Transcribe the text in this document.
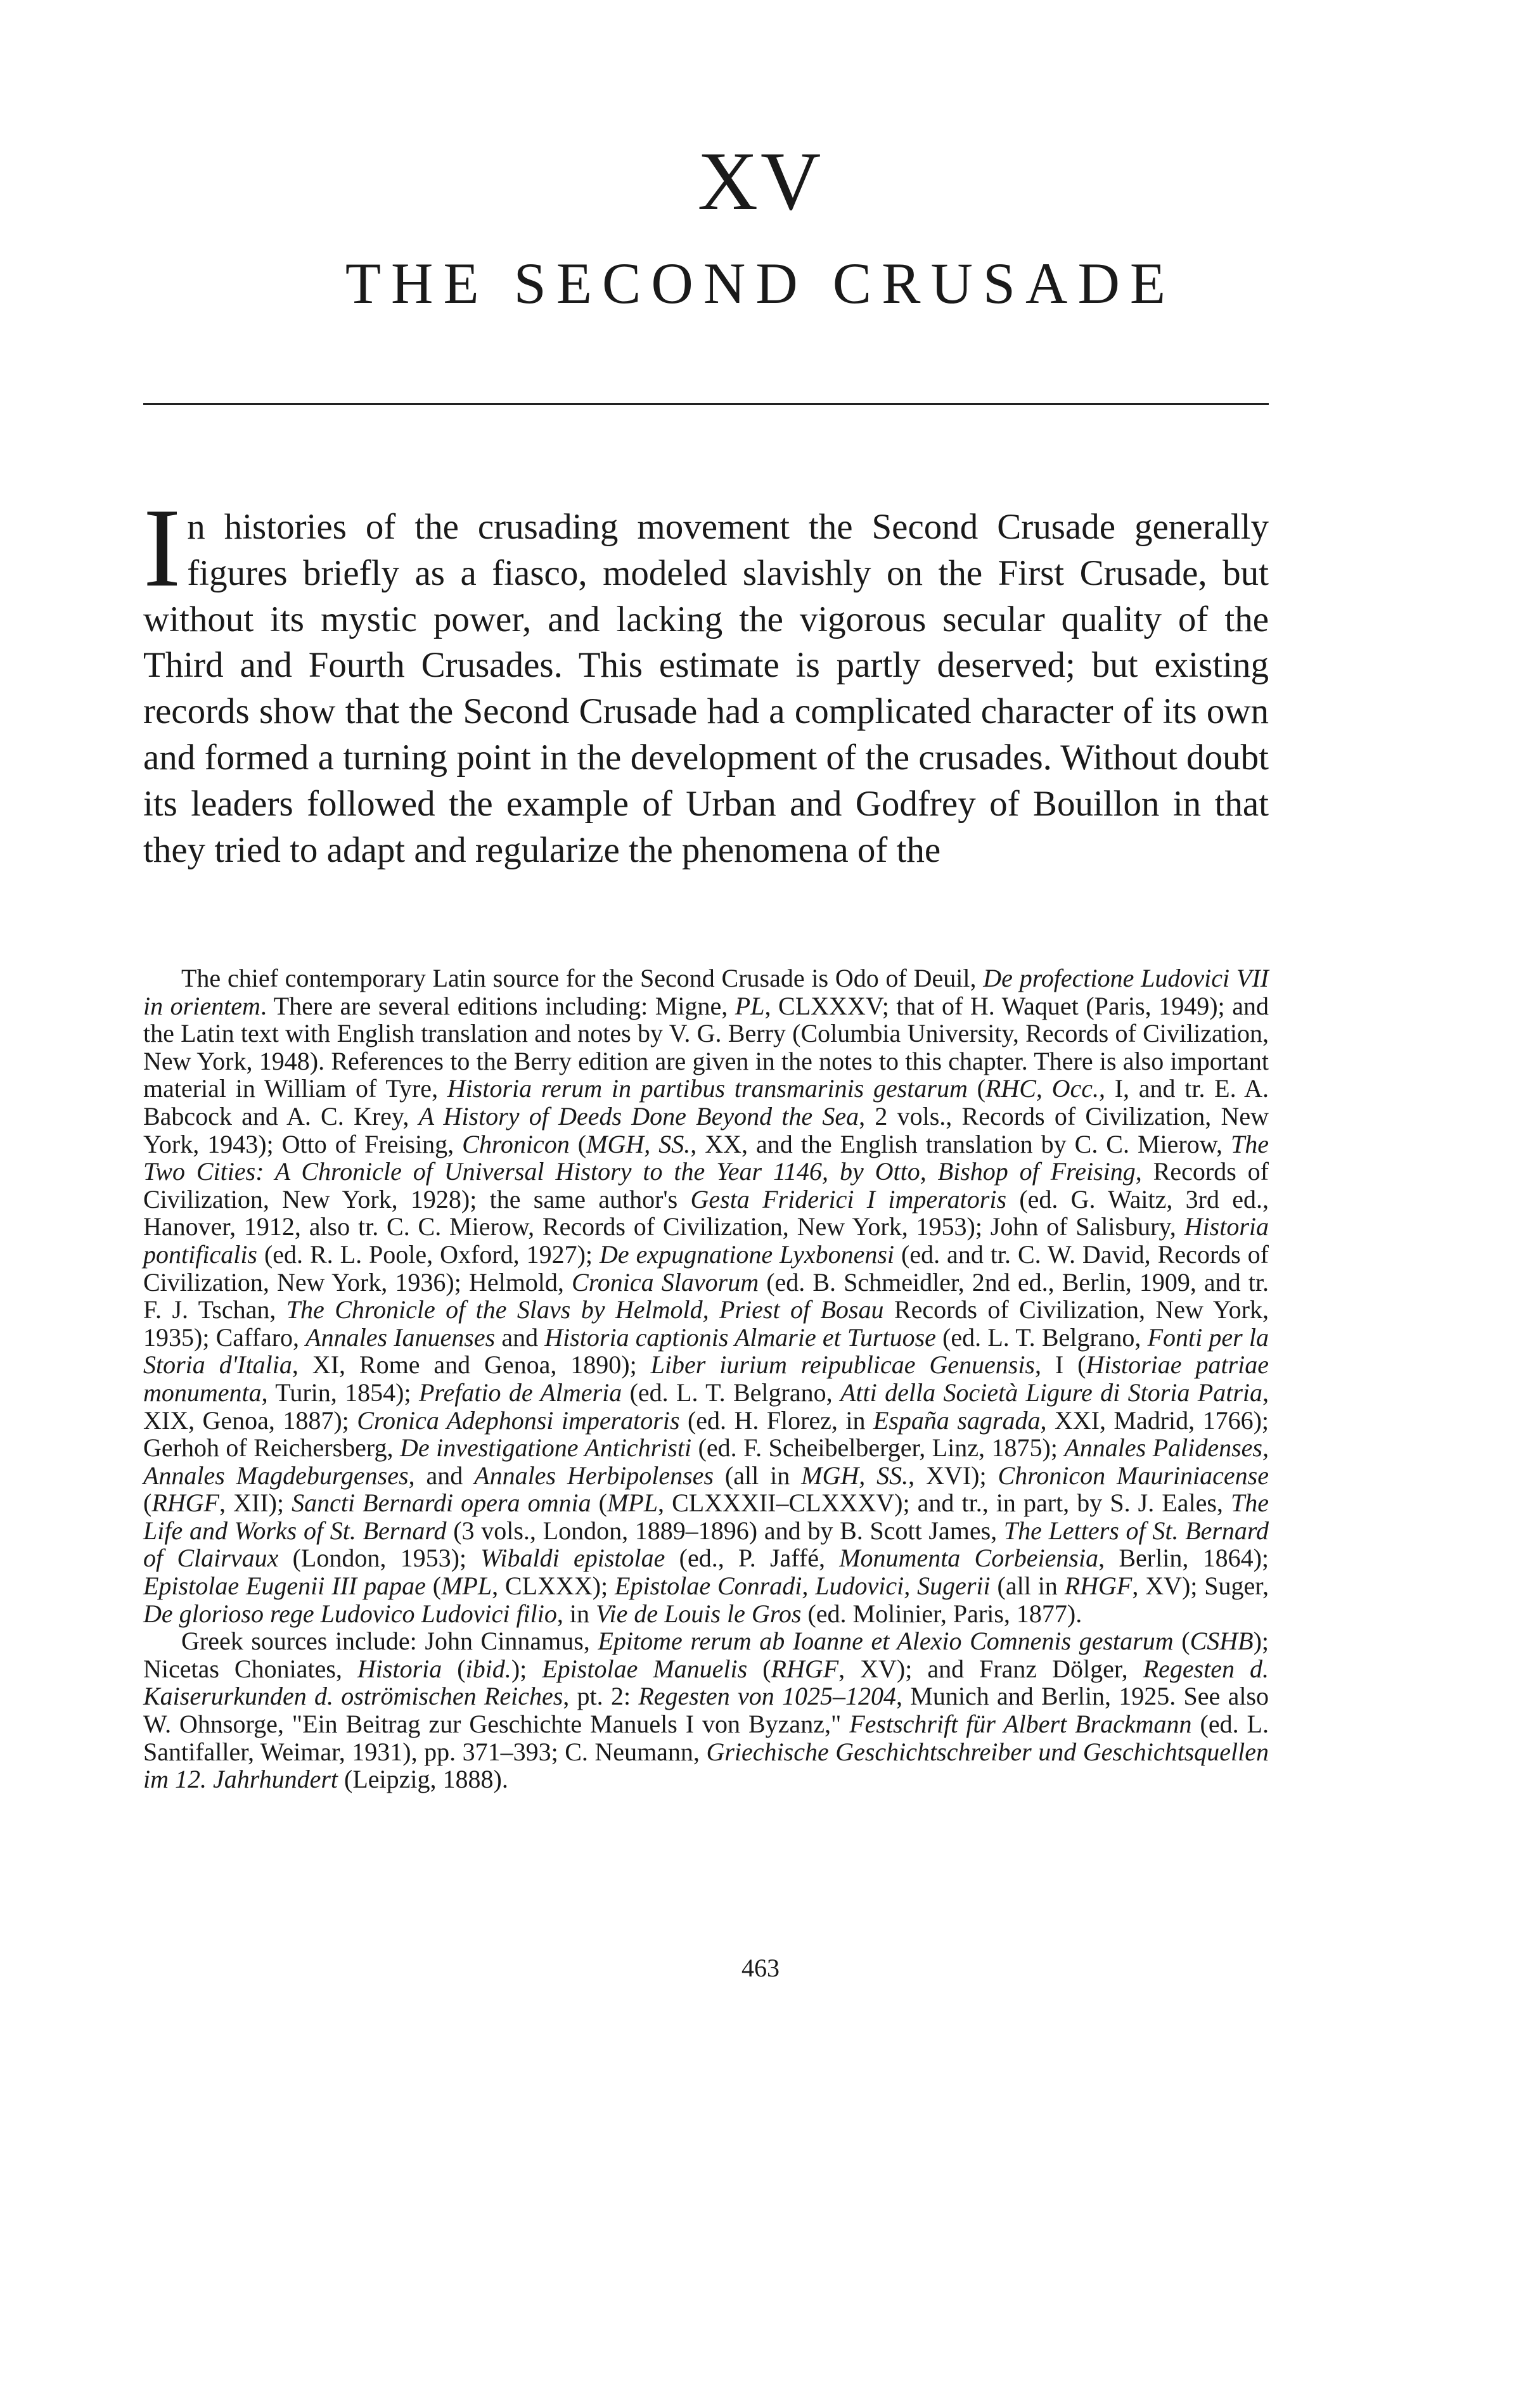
XV
THE SECOND CRUSADE

In histories of the crusading movement the Second Crusade generally figures briefly as a fiasco, modeled slavishly on the First Crusade, but without its mystic power, and lacking the vigorous secular quality of the Third and Fourth Crusades. This estimate is partly deserved; but existing records show that the Second Crusade had a complicated character of its own and formed a turning point in the development of the crusades. Without doubt its leaders followed the example of Urban and Godfrey of Bouillon in that they tried to adapt and regularize the phenomena of the

The chief contemporary Latin source for the Second Crusade is Odo of Deuil, De profectione Ludovici VII in orientem. There are several editions including: Migne, PL, CLXXXV; that of H. Waquet (Paris, 1949); and the Latin text with English translation and notes by V. G. Berry (Columbia University, Records of Civilization, New York, 1948). References to the Berry edition are given in the notes to this chapter. There is also important material in William of Tyre, Historia rerum in partibus transmarinis gestarum (RHC, Occ., I, and tr. E. A. Babcock and A. C. Krey, A History of Deeds Done Beyond the Sea, 2 vols., Records of Civilization, New York, 1943); Otto of Freising, Chronicon (MGH, SS., XX, and the English translation by C. C. Mierow, The Two Cities: A Chronicle of Universal History to the Year 1146, by Otto, Bishop of Freising, Records of Civilization, New York, 1928); the same author's Gesta Friderici I imperatoris (ed. G. Waitz, 3rd ed., Hanover, 1912, also tr. C. C. Mierow, Records of Civilization, New York, 1953); John of Salisbury, Historia pontificalis (ed. R. L. Poole, Oxford, 1927); De expugnatione Lyxbonensi (ed. and tr. C. W. David, Records of Civilization, New York, 1936); Helmold, Cronica Slavorum (ed. B. Schmeidler, 2nd ed., Berlin, 1909, and tr. F. J. Tschan, The Chronicle of the Slavs by Helmold, Priest of Bosau Records of Civilization, New York, 1935); Caffaro, Annales Ianuenses and Historia captionis Almarie et Turtuose (ed. L. T. Belgrano, Fonti per la Storia d'Italia, XI, Rome and Genoa, 1890); Liber iurium reipublicae Genuensis, I (Historiae patriae monumenta, Turin, 1854); Prefatio de Almeria (ed. L. T. Belgrano, Atti della Società Ligure di Storia Patria, XIX, Genoa, 1887); Cronica Adephonsi imperatoris (ed. H. Florez, in España sagrada, XXI, Madrid, 1766); Gerhoh of Reichersberg, De investigatione Antichristi (ed. F. Scheibelberger, Linz, 1875); Annales Palidenses, Annales Magdeburgenses, and Annales Herbipolenses (all in MGH, SS., XVI); Chronicon Mauriniacense (RHGF, XII); Sancti Bernardi opera omnia (MPL, CLXXXII–CLXXXV); and tr., in part, by S. J. Eales, The Life and Works of St. Bernard (3 vols., London, 1889–1896) and by B. Scott James, The Letters of St. Bernard of Clairvaux (London, 1953); Wibaldi epistolae (ed., P. Jaffé, Monumenta Corbeiensia, Berlin, 1864); Epistolae Eugenii III papae (MPL, CLXXX); Epistolae Conradi, Ludovici, Sugerii (all in RHGF, XV); Suger, De glorioso rege Ludovico Ludovici filio, in Vie de Louis le Gros (ed. Molinier, Paris, 1877).

Greek sources include: John Cinnamus, Epitome rerum ab Ioanne et Alexio Comnenis gestarum (CSHB); Nicetas Choniates, Historia (ibid.); Epistolae Manuelis (RHGF, XV); and Franz Dölger, Regesten d. Kaiserurkunden d. oströmischen Reiches, pt. 2: Regesten von 1025–1204, Munich and Berlin, 1925. See also W. Ohnsorge, "Ein Beitrag zur Geschichte Manuels I von Byzanz," Festschrift für Albert Brackmann (ed. L. Santifaller, Weimar, 1931), pp. 371–393; C. Neumann, Griechische Geschichtschreiber und Geschichtsquellen im 12. Jahrhundert (Leipzig, 1888).

463
